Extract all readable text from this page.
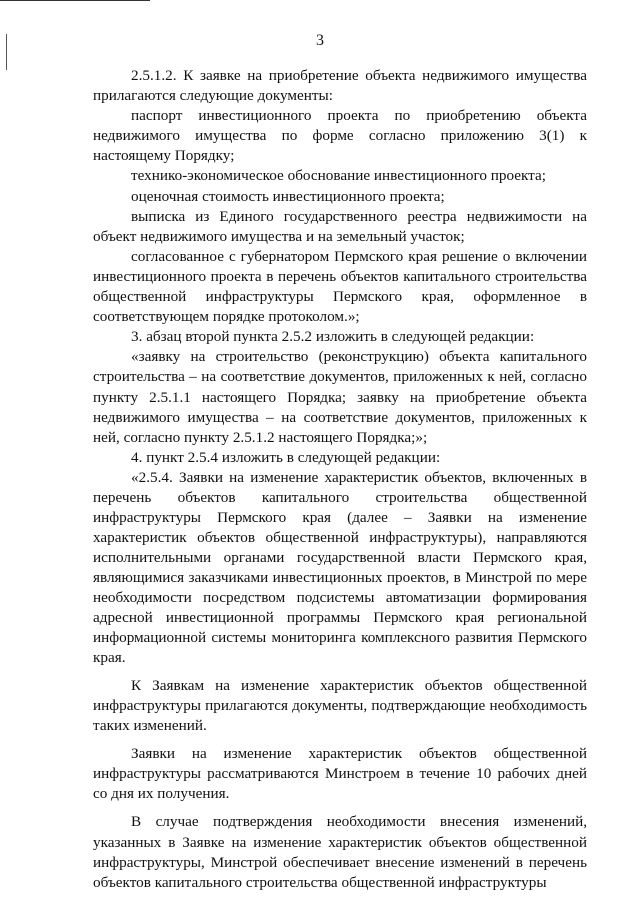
3

2.5.1.2. К заявке на приобретение объекта недвижимого имущества прилагаются следующие документы:

паспорт инвестиционного проекта по приобретению объекта недвижимого имущества по форме согласно приложению 3(1) к настоящему Порядку;

технико-экономическое обоснование инвестиционного проекта;

оценочная стоимость инвестиционного проекта;

выписка из Единого государственного реестра недвижимости на объект недвижимого имущества и на земельный участок;

согласованное с губернатором Пермского края решение о включении инвестиционного проекта в перечень объектов капитального строительства общественной инфраструктуры Пермского края, оформленное в соответствующем порядке протоколом.»;

3. абзац второй пункта 2.5.2 изложить в следующей редакции:

«заявку на строительство (реконструкцию) объекта капитального строительства – на соответствие документов, приложенных к ней, согласно пункту 2.5.1.1 настоящего Порядка; заявку на приобретение объекта недвижимого имущества – на соответствие документов, приложенных к ней, согласно пункту 2.5.1.2 настоящего Порядка;»;

4. пункт 2.5.4 изложить в следующей редакции:

«2.5.4. Заявки на изменение характеристик объектов, включенных в перечень объектов капитального строительства общественной инфраструктуры Пермского края (далее – Заявки на изменение характеристик объектов общественной инфраструктуры), направляются исполнительными органами государственной власти Пермского края, являющимися заказчиками инвестиционных проектов, в Минстрой по мере необходимости посредством подсистемы автоматизации формирования адресной инвестиционной программы Пермского края региональной информационной системы мониторинга комплексного развития Пермского края.

К Заявкам на изменение характеристик объектов общественной инфраструктуры прилагаются документы, подтверждающие необходимость таких изменений.

Заявки на изменение характеристик объектов общественной инфраструктуры рассматриваются Минстроем в течение 10 рабочих дней со дня их получения.

В случае подтверждения необходимости внесения изменений, указанных в Заявке на изменение характеристик объектов общественной инфраструктуры, Минстрой обеспечивает внесение изменений в перечень объектов капитального строительства общественной инфраструктуры
